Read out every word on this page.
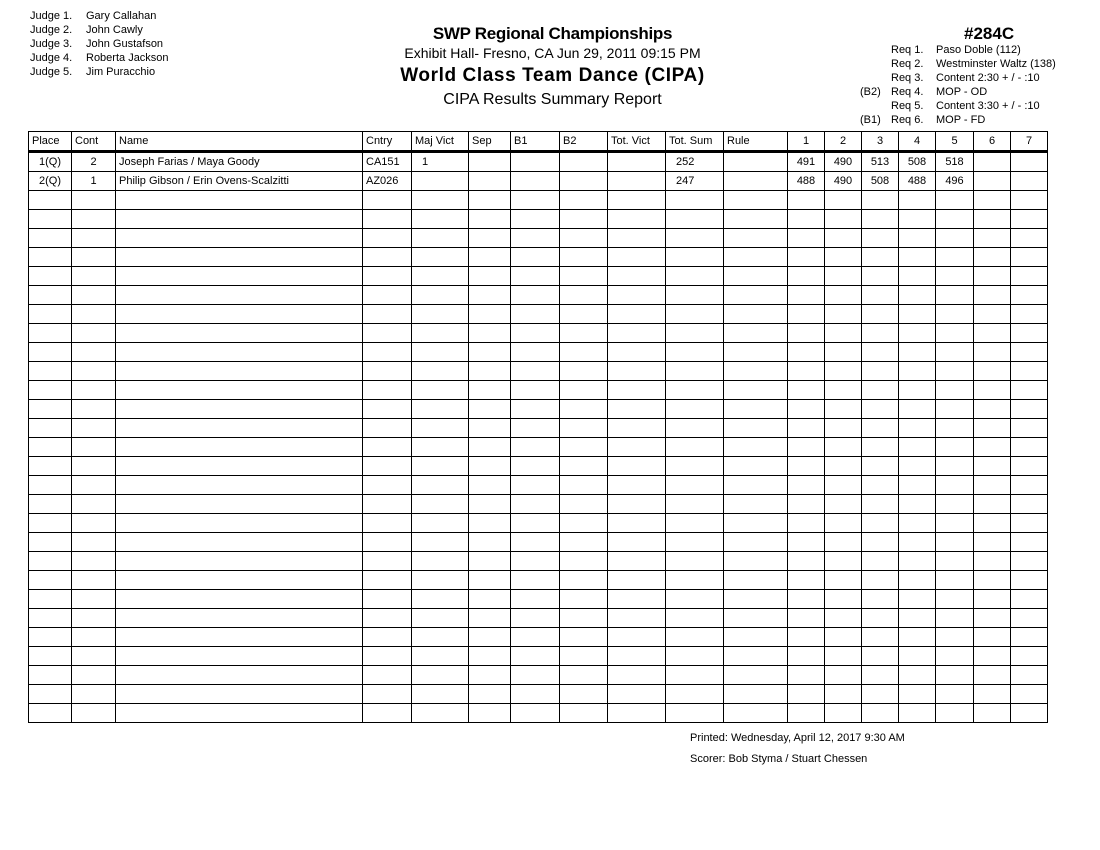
Judge 1. Gary Callahan
Judge 2. John Cawly
Judge 3. John Gustafson
Judge 4. Roberta Jackson
Judge 5. Jim Puracchio
SWP Regional Championships
Exhibit Hall- Fresno, CA Jun 29, 2011 09:15 PM
World Class Team Dance (CIPA)
CIPA Results Summary Report
#284C
Req 1. Paso Doble (112)
Req 2. Westminster Waltz (138)
Req 3. Content 2:30 + / - :10
(B2) Req 4. MOP - OD
Req 5. Content 3:30 + / - :10
(B1) Req 6. MOP - FD
Place	Cont	Name	Cntry	Maj Vict	Sep	B1	B2	Tot. Vict	Tot. Sum	Rule	1	2	3	4	5	6	7
1(Q)	2	Joseph Farias / Maya Goody	CA151	1					252		491	490	513	508	518		
2(Q)	1	Philip Gibson / Erin Ovens-Scalzitti	AZ026						247		488	490	508	488	496		

Printed: Wednesday, April 12, 2017 9:30 AM
Scorer: Bob Styma / Stuart Chessen
